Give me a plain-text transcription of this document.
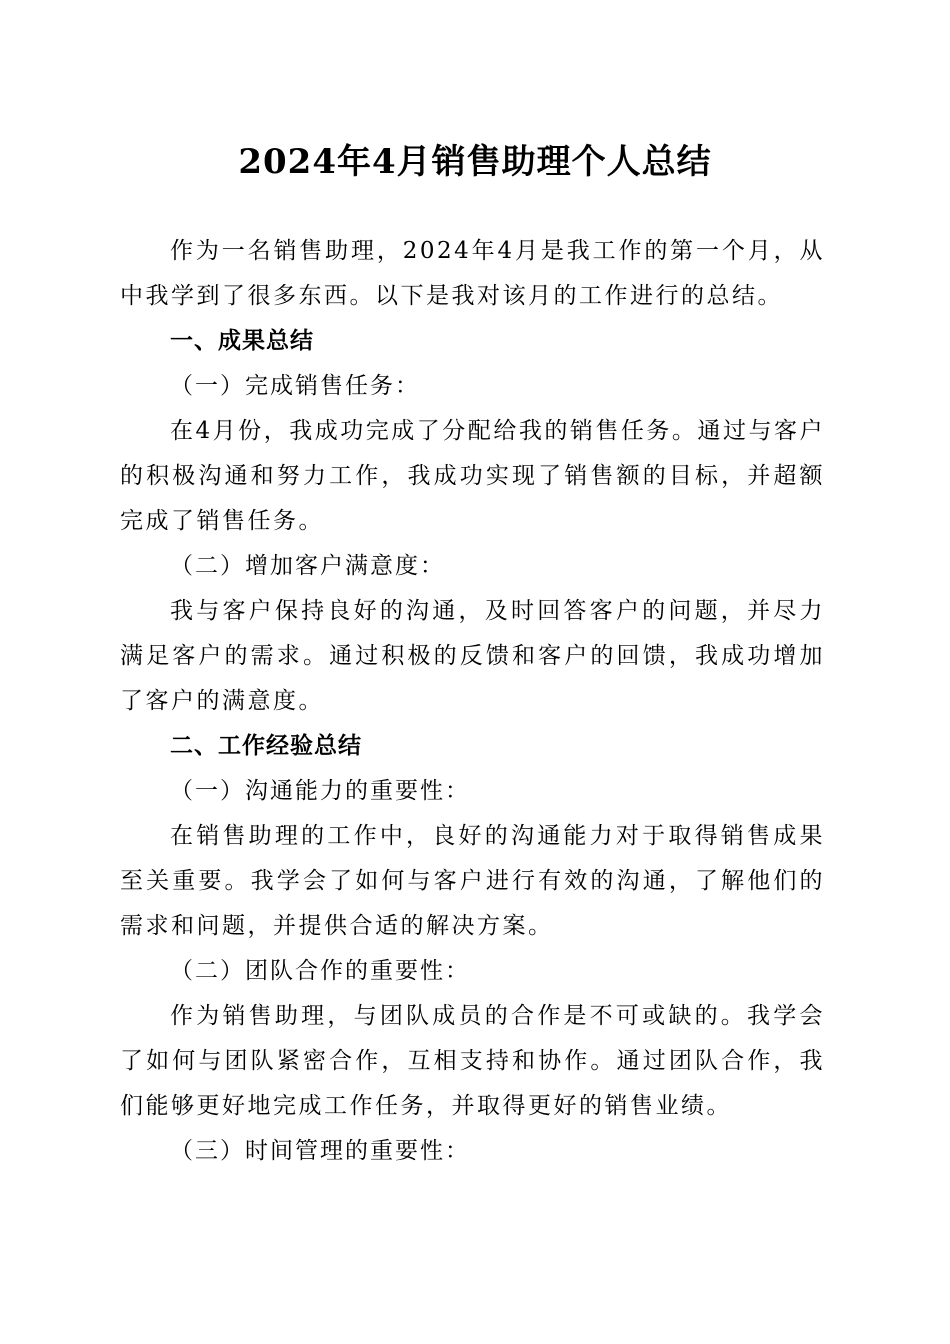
2024年4月销售助理个人总结

作为一名销售助理，2024年4月是我工作的第一个月，从中我学到了很多东西。以下是我对该月的工作进行的总结。

一、成果总结

（一）完成销售任务：

在4月份，我成功完成了分配给我的销售任务。通过与客户的积极沟通和努力工作，我成功实现了销售额的目标，并超额完成了销售任务。

（二）增加客户满意度：

我与客户保持良好的沟通，及时回答客户的问题，并尽力满足客户的需求。通过积极的反馈和客户的回馈，我成功增加了客户的满意度。

二、工作经验总结

（一）沟通能力的重要性：

在销售助理的工作中，良好的沟通能力对于取得销售成果至关重要。我学会了如何与客户进行有效的沟通，了解他们的需求和问题，并提供合适的解决方案。

（二）团队合作的重要性：

作为销售助理，与团队成员的合作是不可或缺的。我学会了如何与团队紧密合作，互相支持和协作。通过团队合作，我们能够更好地完成工作任务，并取得更好的销售业绩。

（三）时间管理的重要性：
